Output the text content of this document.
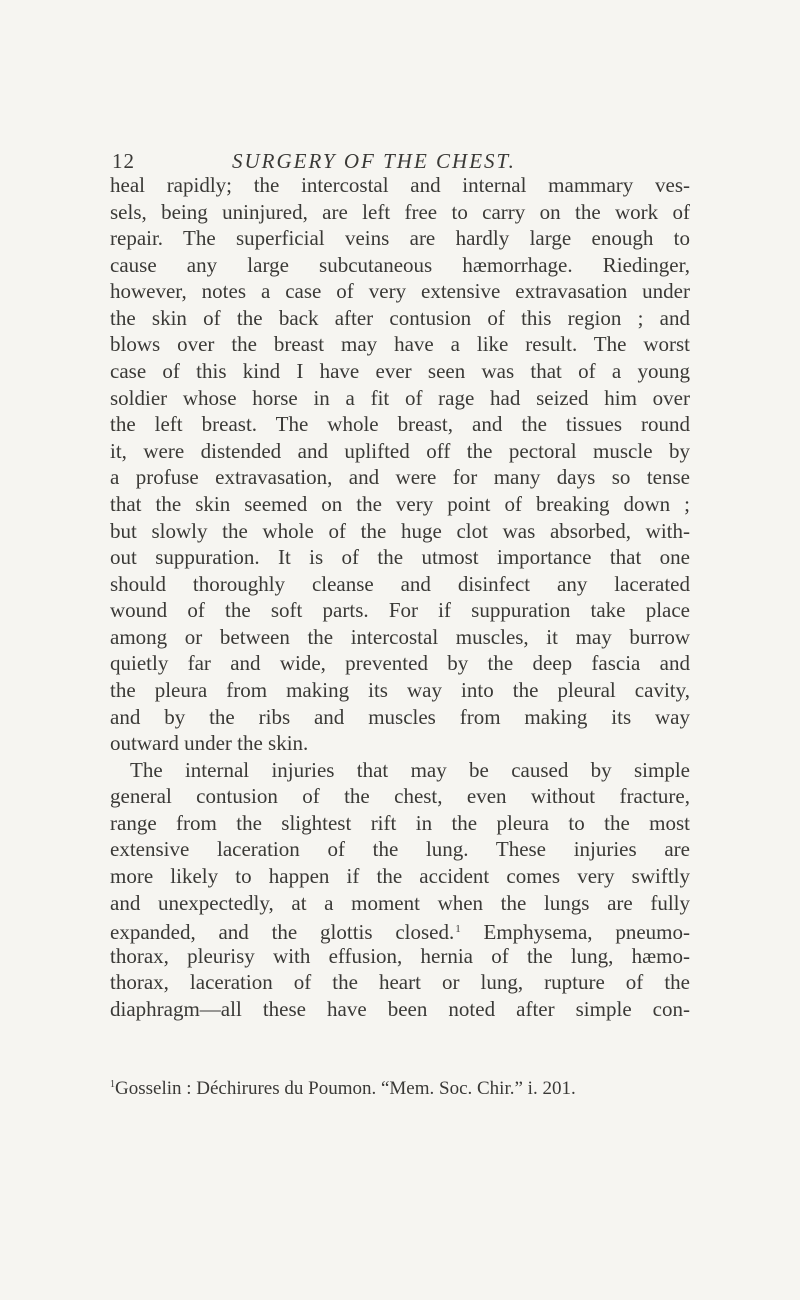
12	SURGERY OF THE CHEST.
heal rapidly; the intercostal and internal mammary ves-
sels, being uninjured, are left free to carry on the work of
repair. The superficial veins are hardly large enough to
cause any large subcutaneous hæmorrhage. Riedinger,
however, notes a case of very extensive extravasation under
the skin of the back after contusion of this region ; and
blows over the breast may have a like result. The worst
case of this kind I have ever seen was that of a young
soldier whose horse in a fit of rage had seized him over
the left breast. The whole breast, and the tissues round
it, were distended and uplifted off the pectoral muscle by
a profuse extravasation, and were for many days so tense
that the skin seemed on the very point of breaking down ;
but slowly the whole of the huge clot was absorbed, with-
out suppuration. It is of the utmost importance that one
should thoroughly cleanse and disinfect any lacerated
wound of the soft parts. For if suppuration take place
among or between the intercostal muscles, it may burrow
quietly far and wide, prevented by the deep fascia and
the pleura from making its way into the pleural cavity,
and by the ribs and muscles from making its way
outward under the skin.
The internal injuries that may be caused by simple
general contusion of the chest, even without fracture,
range from the slightest rift in the pleura to the most
extensive laceration of the lung. These injuries are
more likely to happen if the accident comes very swiftly
and unexpectedly, at a moment when the lungs are fully
expanded, and the glottis closed.$^1$ Emphysema, pneumo-
thorax, pleurisy with effusion, hernia of the lung, hæmo-
thorax, laceration of the heart or lung, rupture of the
diaphragm—all these have been noted after simple con-
$^1$Gosselin : Déchirures du Poumon. “Mem. Soc. Chir.” i. 201.
